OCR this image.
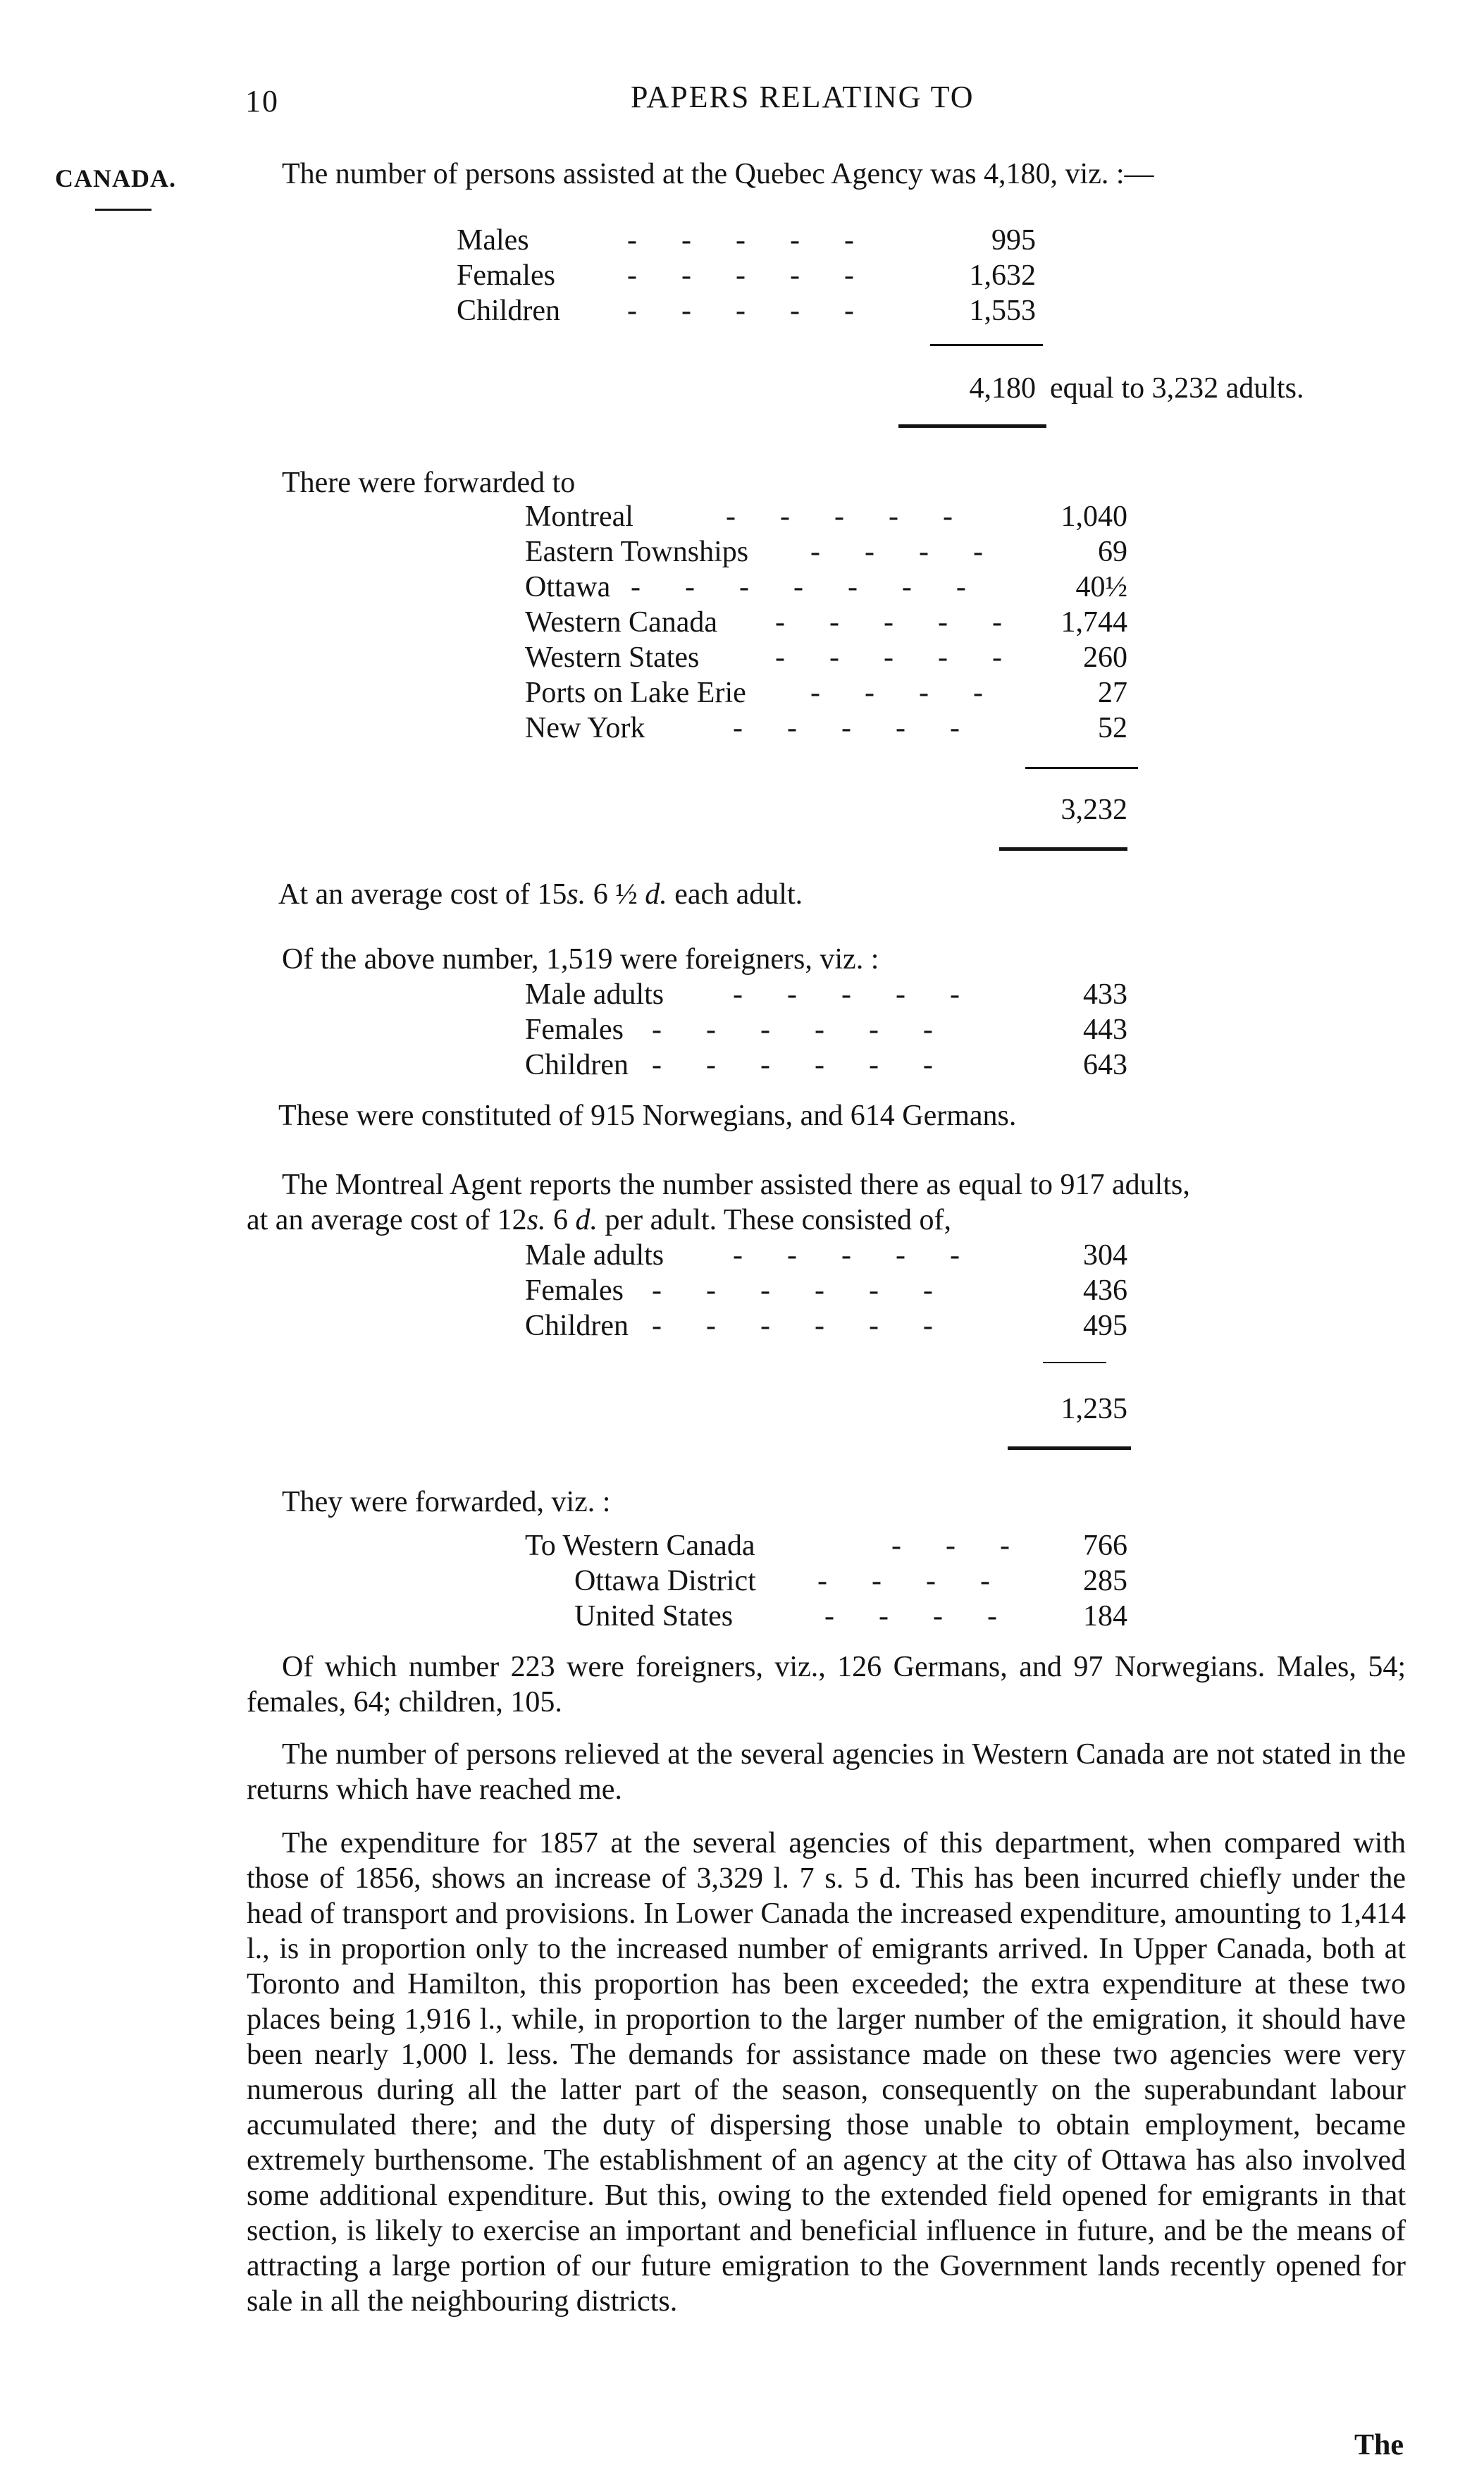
10	PAPERS RELATING TO
CANADA.	The number of persons assisted at the Quebec Agency was 4,180, viz. :—
Males	-      -      -      -      -	995
Females -      -      -      -      -	1,632
Children -      -      -      -      -	1,553
4,180 equal to 3,232 adults.
There were forwarded to
Montreal	-      -      -      -      -	1,040
Eastern Townships -      -      -      -	69
Ottawa -      -      -      -      -      -      -	40½
Western Canada -      -      -      -      -	1,744
Western States	-      -      -      -      -	260
Ports on Lake Erie -      -      -      -	27
New York	-      -      -      -      -	52
3,232
At an average cost of 15s. 6 ½ d. each adult.
Of the above number, 1,519 were foreigners, viz. :
Male adults -      -      -      -      -	433
Females -      -      -      -      -      -	443
Children -      -      -      -      -      -	643
These were constituted of 915 Norwegians, and 614 Germans.
The Montreal Agent reports the number assisted there as equal to 917 adults,
at an average cost of 12s. 6 d. per adult. These consisted of,
Male adults -      -      -      -      -	304
Females -      -      -      -      -      -	436
Children -      -      -      -      -      -	495
1,235
They were forwarded, viz. :
To Western Canada	-      -      -	766
Ottawa District -      -      -      -	285
United States	-      -      -      -	184
Of which number 223 were foreigners, viz., 126 Germans, and 97 Norwegians. Males, 54; females, 64; children, 105.
The number of persons relieved at the several agencies in Western Canada are not stated in the returns which have reached me.
The expenditure for 1857 at the several agencies of this department, when compared with those of 1856, shows an increase of 3,329 l. 7 s. 5 d. This has been incurred chiefly under the head of transport and provisions. In Lower Canada the increased expenditure, amounting to 1,414 l., is in proportion only to the increased number of emigrants arrived. In Upper Canada, both at Toronto and Hamilton, this proportion has been exceeded; the extra expenditure at these two places being 1,916 l., while, in proportion to the larger number of the emigration, it should have been nearly 1,000 l. less. The demands for assistance made on these two agencies were very numerous during all the latter part of the season, consequently on the superabundant labour accumulated there; and the duty of dispersing those unable to obtain employment, became extremely burthensome. The establishment of an agency at the city of Ottawa has also involved some additional expenditure. But this, owing to the extended field opened for emigrants in that section, is likely to exercise an important and beneficial influence in future, and be the means of attracting a large portion of our future emigration to the Government lands recently opened for sale in all the neighbouring districts.
The
